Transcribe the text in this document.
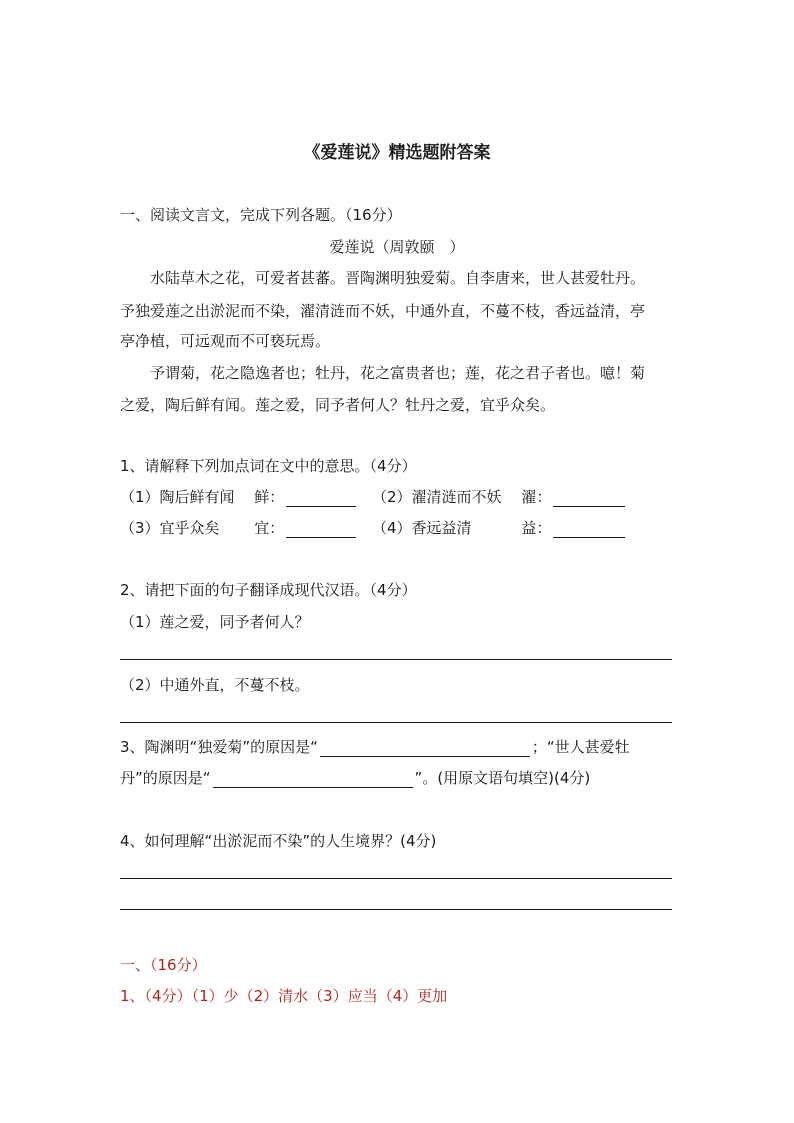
《爱莲说》精选题附答案
一、阅读文言文，完成下列各题。（16分）
爱莲说（周敦颐　）
　　水陆草木之花，可爱者甚蕃。晋陶渊明独爱菊。自李唐来，世人甚爱牡丹。
予独爱莲之出淤泥而不染，濯清涟而不妖，中通外直，不蔓不枝，香远益清，亭
亭净植，可远观而不可亵玩焉。
　　予谓菊，花之隐逸者也；牡丹，花之富贵者也；莲，花之君子者也。噫！菊
之爱，陶后鲜有闻。莲之爱，同予者何人？牡丹之爱，宜乎众矣。
1、请解释下列加点词在文中的意思。（4分）
（1）陶后鲜有闻　 鲜：	（2）濯清涟而不妖　 濯：
（3）宜乎众矣　　 宜：	（4）香远益清　　　 益：
2、请把下面的句子翻译成现代汉语。（4分）
（1）莲之爱，同予者何人？
（2）中通外直，不蔓不枝。
3、陶渊明“独爱菊”的原因是“	；“世人甚爱牡
丹”的原因是“	”。(用原文语句填空)(4分)
4、如何理解“出淤泥而不染”的人生境界？(4分)
一、（16分）
1、（4分）（1）少（2）清水（3）应当（4）更加
